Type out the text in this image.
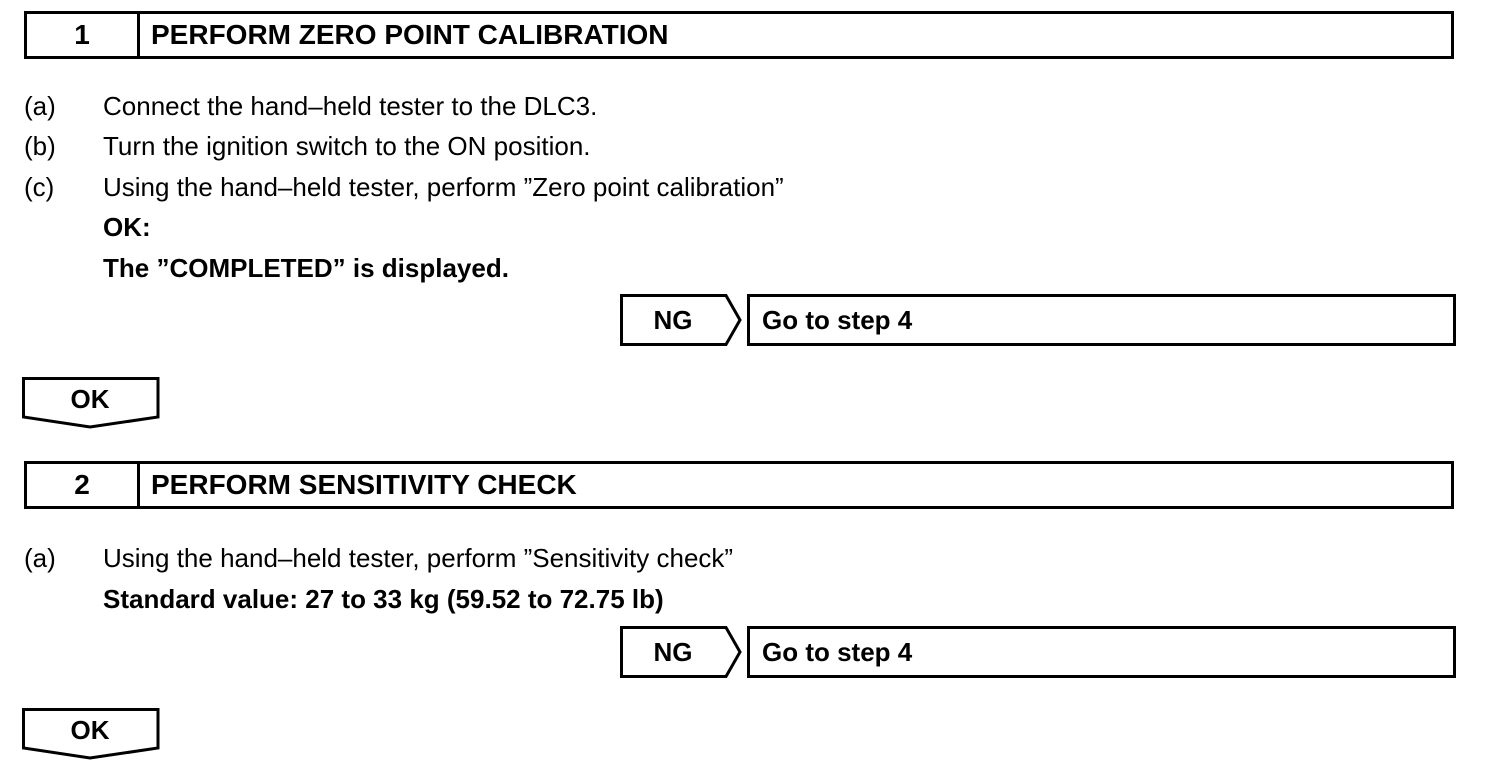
1	PERFORM ZERO POINT CALIBRATION
(a)	Connect the hand–held tester to the DLC3.
(b)	Turn the ignition switch to the ON position.
(c)	Using the hand–held tester, perform ”Zero point calibration”
OK:
The ”COMPLETED” is displayed.
NG	Go to step 4
OK
2	PERFORM SENSITIVITY CHECK
(a)	Using the hand–held tester, perform ”Sensitivity check”
Standard value: 27 to 33 kg (59.52 to 72.75 lb)
NG	Go to step 4
OK
